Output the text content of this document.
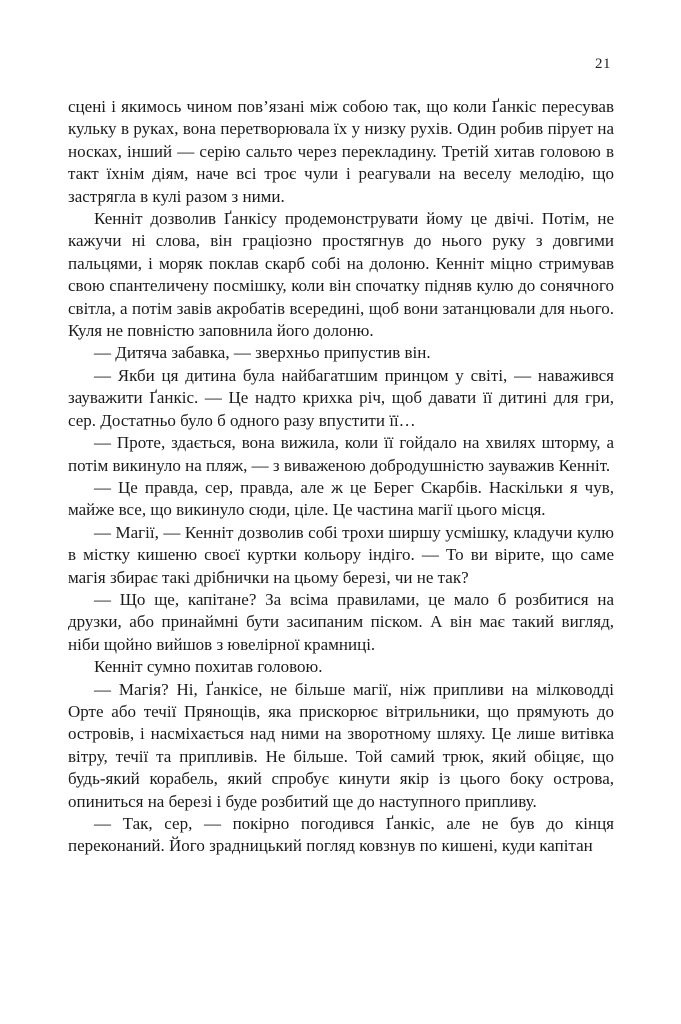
21

сцені і якимось чином пов’язані між собою так, що коли Ґанкіс пересував кульку в руках, вона перетворювала їх у низку рухів. Один робив пірует на носках, інший — серію сальто через перекладину. Третій хитав головою в такт їхнім діям, наче всі троє чули і реагували на веселу мелодію, що застрягла в кулі разом з ними.

Кенніт дозволив Ґанкісу продемонструвати йому це двічі. Потім, не кажучи ні слова, він граціозно простягнув до нього руку з довгими пальцями, і моряк поклав скарб собі на долоню. Кенніт міцно стримував свою спантеличену посмішку, коли він спочатку підняв кулю до сонячного світла, а потім завів акробатів всередині, щоб вони затанцювали для нього. Куля не повністю заповнила його долоню.

— Дитяча забавка, — зверхньо припустив він.

— Якби ця дитина була найбагатшим принцом у світі, — наважився зауважити Ґанкіс. — Це надто крихка річ, щоб давати її дитині для гри, сер. Достатньо було б одного разу впустити її…

— Проте, здається, вона вижила, коли її гойдало на хвилях шторму, а потім викинуло на пляж, — з виваженою добродушністю зауважив Кенніт.

— Це правда, сер, правда, але ж це Берег Скарбів. Наскільки я чув, майже все, що викинуло сюди, ціле. Це частина магії цього місця.

— Магії, — Кенніт дозволив собі трохи ширшу усмішку, кладучи кулю в містку кишеню своєї куртки кольору індіго. — То ви вірите, що саме магія збирає такі дрібнички на цьому березі, чи не так?

— Що ще, капітане? За всіма правилами, це мало б розбитися на друзки, або принаймні бути засипаним піском. А він має такий вигляд, ніби щойно вийшов з ювелірної крамниці.

Кенніт сумно похитав головою.

— Магія? Ні, Ґанкісе, не більше магії, ніж припливи на мілководді Орте або течії Прянощів, яка прискорює вітрильники, що прямують до островів, і насміхається над ними на зворотному шляху. Це лише витівка вітру, течії та припливів. Не більше. Той самий трюк, який обіцяє, що будь-який корабель, який спробує кинути якір із цього боку острова, опиниться на березі і буде розбитий ще до наступного припливу.

— Так, сер, — покірно погодився Ґанкіс, але не був до кінця переконаний. Його зрадницький погляд ковзнув по кишені, куди капітан
